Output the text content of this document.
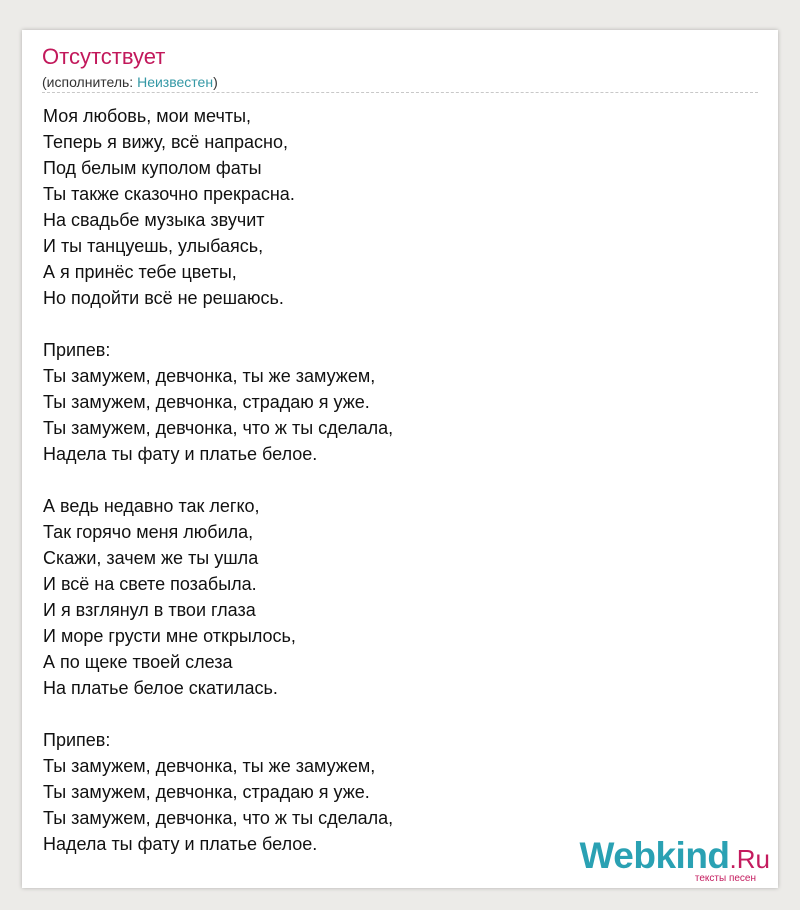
Отсутствует
(исполнитель: Неизвестен)

Моя любовь, мои мечты,
Теперь я вижу, всё напрасно,
Под белым куполом фаты
Ты также сказочно прекрасна.
На свадьбе музыка звучит
И ты танцуешь, улыбаясь,
А я принёс тебе цветы,
Но подойти всё не решаюсь.

Припев:
Ты замужем, девчонка, ты же замужем,
Ты замужем, девчонка, страдаю я уже.
Ты замужем, девчонка, что ж ты сделала,
Надела ты фату и платье белое.

А ведь недавно так легко,
Так горячо меня любила,
Скажи, зачем же ты ушла
И всё на свете позабыла.
И я взглянул в твои глаза
И море грусти мне открылось,
А по щеке твоей слеза
На платье белое скатилась.

Припев:
Ты замужем, девчонка, ты же замужем,
Ты замужем, девчонка, страдаю я уже.
Ты замужем, девчонка, что ж ты сделала,
Надела ты фату и платье белое.	Webkind.Ru
тексты песен
